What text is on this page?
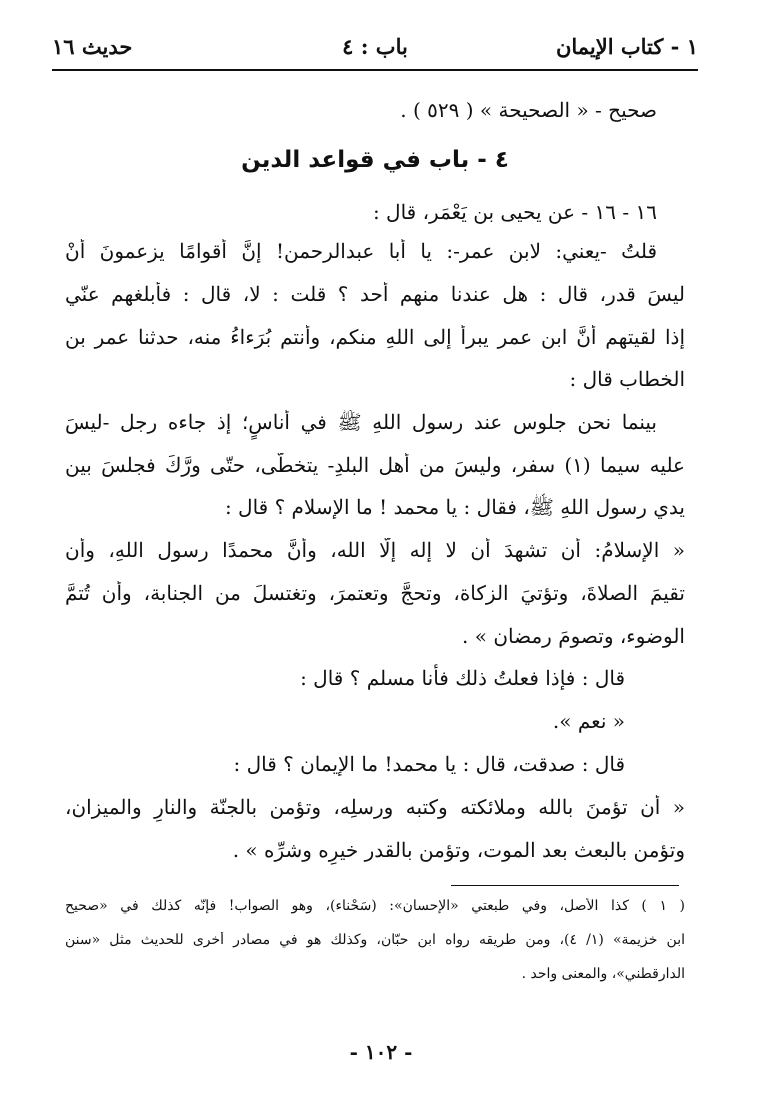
١ - كتاب الإيمان
باب : ٤
حديث ١٦
صحيح - « الصحيحة » ( ٥٢٩ ) .
٤ - باب في قواعد الدين
١٦ - ١٦ - عن يحيى بن يَعْمَر، قال :
قلتُ -يعني: لابن عمر-: يا أبا عبدالرحمن! إنَّ أقوامًا يزعمونَ أنْ
ليسَ قدر، قال : هل عندنا منهم أحد ؟ قلت : لا، قال : فأبلغهم عنّي
إذا لقيتهم أنَّ ابن عمر يبرأ إلى اللهِ منكم، وأنتم بُرَءاءُ منه، حدثنا عمر بن
الخطاب قال :
بينما نحن جلوس عند رسول اللهِ ﷺ في أناسٍ؛ إذ جاءه رجل -ليسَ
عليه سيما (١) سفر، وليسَ من أهل البلدِ- يتخطّى، حتّى ورَّكَ فجلسَ بين
يدي رسول اللهِ ﷺ، فقال : يا محمد ! ما الإسلام ؟ قال :
« الإسلامُ: أن تشهدَ أن لا إله إلّا الله، وأنَّ محمدًا رسول اللهِ، وأن
تقيمَ الصلاةَ، وتؤتيَ الزكاة، وتحجَّ وتعتمرَ، وتغتسلَ من الجنابة، وأن تُتمَّ
الوضوء، وتصومَ رمضان » .
قال : فإذا فعلتُ ذلك فأنا مسلم ؟ قال :
« نعم ».
قال : صدقت، قال : يا محمد! ما الإيمان ؟ قال :
« أن تؤمنَ بالله وملائكته وكتبه ورسلِه، وتؤمن بالجنّة والنارِ والميزان،
وتؤمن بالبعث بعد الموت، وتؤمن بالقدر خيرِه وشرِّه » .
( ١ ) كذا الأصل، وفي طبعتي «الإحسان»: (سَحْناء)، وهو الصواب! فإنّه كذلك في «صحيح
ابن خزيمة» (١/ ٤)، ومن طريقه رواه ابن حبّان، وكذلك هو في مصادر أُخرى للحديث مثل «سنن
الدارقطني»، والمعنى واحد .
- ١٠٢ -
